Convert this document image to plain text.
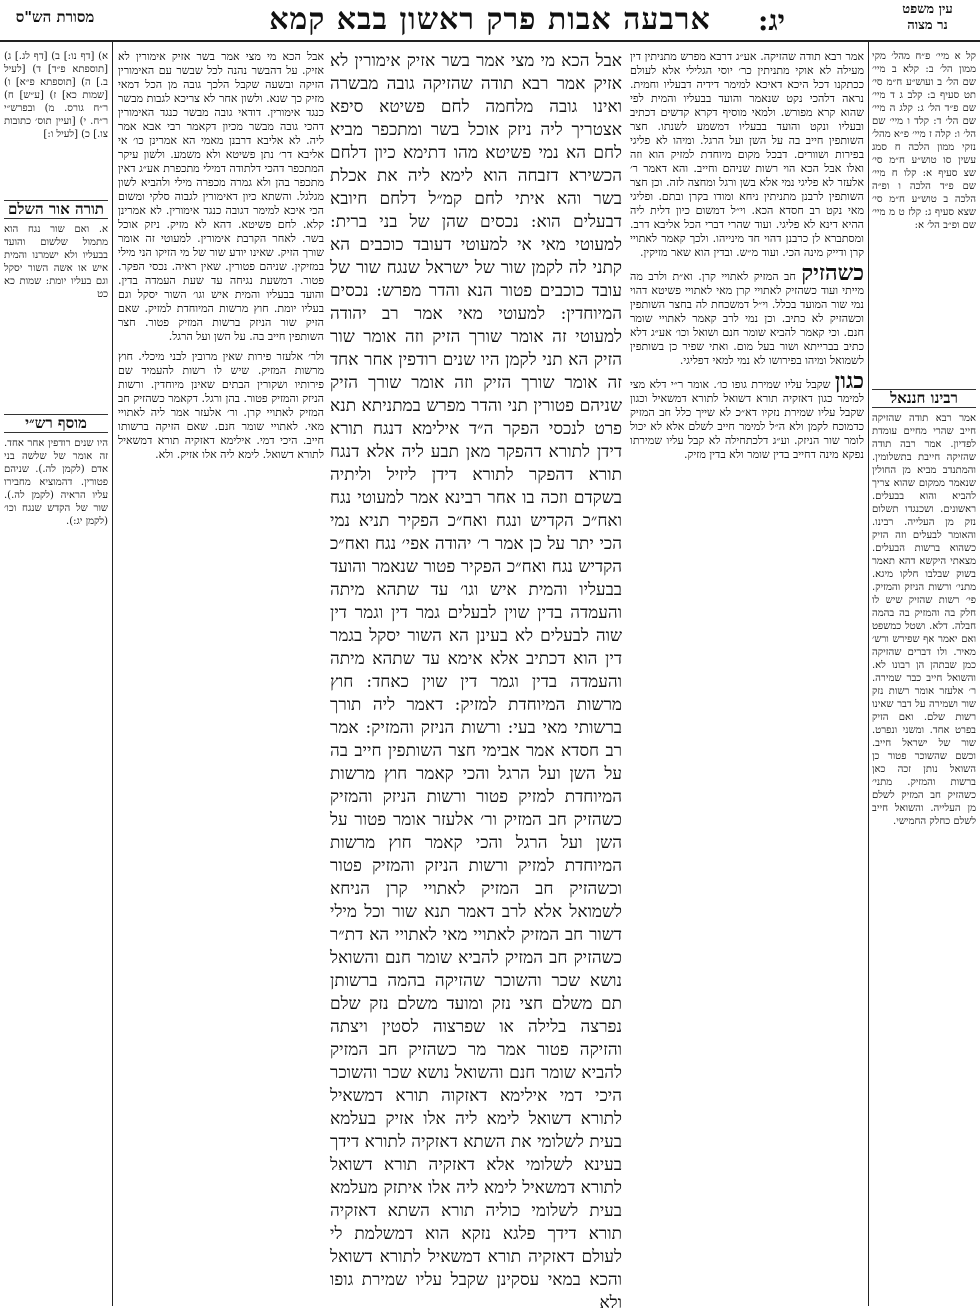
עין משפט
נר מצוה
יג:
ארבעה אבות פרק ראשון בבא קמא
מסורת הש"ס
קל א מיי׳ פ״ח מהל׳ מקי ממון הל׳ ב: קלא ב מיי׳ שם הל׳ ב ועוש״ע ח״מ סי׳ תט סעיף ב: קלב ג ד מיי׳ שם פ״ד הל׳ ג: קלג ה מיי׳ שם הל׳ ד: קלד ו מיי׳ שם הל׳ ו: קלה ז מיי׳ פ״א מהל׳ נזקי ממון הלכה ח סמג עשין סו טוש״ע ח״מ סי׳ שצ סעיף א: קלו ח מיי׳ שם פ״ד הלכה ו ופ״ה הלכה ב טוש״ע ח״מ סי׳ שצא סעיף ג: קלז ט מ מיי׳ שם ופ״ב הל׳ א:
רבינו חננאל
אמר רבא תודה שהזיקה חייב שהרי מחיים עומדת לפדיון. אמר רבה תודה שהזיקה חייבת בתשלומין. והמתנדב מביא מן החולין שנאמר ממקום שהוא צריך להביא והוא בבעלים. ראשונים. ושכנגדו תשלום נזק מן העלייה. רבינו. והאומר לבעלים וזה הזיק כשהוא ברשות הבעלים. מצאתי היקשא דהא תאמר בשוק שבלבו חלקו מיגא. מתני׳ ורשות הניזק והמזיק. פי׳ רשות שהזיק שיש לו חלק בה והמזיק בה בהמה חבלה. דלא. ושטל כמשפט ואם יאמר אף שפירש ורש׳ מאיר. ולו דברים שהזיקה כמן שבתהן הן רבונו לא. והשואל חייב כבר שמירה. ר׳ אלעזר אומר רשות נזק שור ושמירה על דבר שאינו רשות שלם. ואם הזיק בפרט אחד. ומשני ונפרט. שור של ישראל חייב. וכשם שהשוכר פטור כן השואל נותן זכה כאן ברשות והמזיק. מתני׳ כשהזיק חב המזיק לשלם מן העלייה. והשואל חייב לשלם כחלק החמישי.
אמר רבא תודה שהזיקה. אע״ג דרבא מפרש מתניתין דין מעילה לא אוקי מתניתין כר׳ יוסי הגלילי אלא לעולם ככתקנו דכל היכא דאיכא למימר דידיה דבעליו וחמית. נראה דלהכי נקט שנאמר והועד בבעליו והמית לפי שהוא קרא מפורש. ולמאי מוסיף דקרא קדשים דכתיב ובעליו ונקט והועד בבעליו דמשמע לשנתו. חצר השותפין חייב בה על השן ועל הרגל. ומיהו לא פליגי בפירות ושוורים. דבכל מקום מיוחדת למזיק הוא וזה ואלו אבל הכא הוי רשות שניהם וחייב. והא דאמר ר׳ אלעזר לא פליגי נמי אלא בשן ורגל ומחצה לזה. וכן חצר השותפין לרבנן מתניתין ניחא ומודו בקרן ובתם. ופליגי מאי נקט רב חסדא הכא. וי״ל דמשום כיון דלית ליה ההיא דינא לא פליגי. ועוד שהרי דברי הכל אליבא דרב. ומסתברא לן כרבנן דהוי חד מינייהו. ולכך קאמר לאתויי קרן ודייק מינה הכי. ועוד מ״ש. ובדין הוא שאר מזיקין.
כשהזיק חב המזיק לאתויי קרן. וא״ת ולרב מה מייתי ועוד כשהזיק לאתויי קרן מאי לאתויי פשיטא דהוי נמי שור המועד בכלל. וי״ל דמשכחת לה בחצר השותפין וכשהזיק לא כתיב. וכן נמי לרב קאמר לאתויי שומר חנם. וכי קאמר להביא שומר חנם ושואל וכו׳ אע״ג דלא כתיב בברייתא ושור בעל מום. ואתי שפיר כן בשותפין לשמואל ומיהו בפירושו לא נמי למאי דפליגי.
כגון שקבל עליו שמירת גופו כו׳. אומר ר״י דלא מצי למימר כגון דאזקיה תורא דשואל לתורא דמשאיל וכגון שקבל עליו שמירת נזקיו דא״כ לא שייך כלל חב המזיק כדמוכח לקמן ולא ה״ל למימר חייב לשלם אלא לא יכול לומר שור הניזק. וע״ג דלכתחילה לא קבל עליו שמירתו נפקא מינה דחייב בדין שומר ולא בדין מזיק.
אבל הכא מי מצי אמר בשר אזיק אימורין לא אזיק אמר רבא תודה שהזיקה גובה מבשרה ואינו גובה מלחמה לחם פשיטא סיפא אצטריך ליה ניזק אוכל בשר ומתכפר מביא לחם הא נמי פשיטא מהו דתימא כיון דלחם הכשירא דזבחה הוא לימא ליה את אכלת בשר והא איתי לחם קמ״ל דלחם חיובא דבעלים הוא: נכסים שהן של בני ברית: למעוטי מאי אי למעוטי דעובד כוכבים הא קתני לה לקמן שור של ישראל שנגח שור של עובד כוכבים פטור הנא והדר מפרש: נכסים המיוחדין: למעוטי מאי אמר רב יהודה למעוטי זה אומר שורך הזיק וזה אומר שור הזיק הא תני לקמן היו שנים רודפין אחר אחד זה אומר שורך הזיק וזה אומר שורך הזיק שניהם פטורין תני והדר מפרש במתניתא תנא פרט לנכסי הפקר ה״ד אילימא דנגח תורא דידן לתורא דהפקר מאן תבע ליה אלא דנגח תורא דהפקר לתורא דידן ליזיל וליתיה בשקדם וזכה בו אחר רבינא אמר למעוטי נגח ואח״כ הקדיש ונגח ואח״כ הפקיר תניא נמי הכי יתר על כן אמר ר׳ יהודה אפי׳ נגח ואח״כ הקדיש נגח ואח״כ הפקיר פטור שנאמר והועד בבעליו והמית איש וגו׳ עד שתהא מיתה והעמדה בדין שוין לבעלים גמר דין וגמר דין שוה לבעלים לא בעינן הא השור יסקל בגמר דין הוא דכתיב אלא אימא עד שתהא מיתה והעמדה בדין וגמר דין שוין כאחד: חוץ מרשות המיוחדת למזיק: דאמר ליה תורך ברשותי מאי בעי: ורשות הניזק והמזיק: אמר רב חסדא אמר אבימי חצר השותפין חייב בה על השן ועל הרגל והכי קאמר חוץ מרשות המיוחדת למזיק פטור ורשות הניזק והמזיק כשהזיק חב המזיק ור׳ אלעזר אומר פטור על השן ועל הרגל והכי קאמר חוץ מרשות המיוחדת למזיק ורשות הניזק והמזיק פטור וכשהזיק חב המזיק לאתויי קרן הניחא לשמואל אלא לרב דאמר תנא שור וכל מילי דשור חב המזיק לאתויי מאי לאתויי הא דת״ר כשהזיק חב המזיק להביא שומר חנם והשואל נושא שכר והשוכר שהזיקה בהמה ברשותן תם משלם חצי נזק ומועד משלם נזק שלם נפרצה בלילה או שפרצוה לסטין ויצתה והזיקה פטור אמר מר כשהזיק חב המזיק להביא שומר חנם והשואל נושא שכר והשוכר היכי דמי אילימא דאזקוה תורא דמשאיל לתורא דשואל לימא ליה אלו אזיק בעלמא בעית לשלומי את השתא דאזקיה לתורא דידך בעינא לשלומי אלא דאזקיה תורא דשואל לתורא דמשאיל לימא ליה אלו איתזק מעלמא בעית לשלומי כוליה תורא השתא דאזקיה תורא דידך פלגא נזקא הוא דמשלמת לי לעולם דאזקיה תורא דמשאיל לתורא דשואל והכא במאי עסקינן שקבל עליו שמירת גופו ולא
אבל הכא מי מצי אמר בשר אזיק אימורין לא אזיק. על דהבשר נהנה לכל שבשר עם האימורין הזיקה ובשעה שקבל הלכך גובה מן הכל דמאי מזיק כך שנא. ולשון אחר לא צריכא לגבות מבשר כנגד אימורין. דודאי גובה מבשר כנגד האימורין דהכי גובה מבשר מכיון דקאמר רבי אבא אמר ליה. לא אליבא דרבנן מאמי הא אמרינן כו׳ אי אליבא דר׳ נתן פשיטא ולא משמע. ולשון עיקר המתכפר דהכי דלתודה דמילי מתכפרת אע״ג דאין מתכפר בהן ולא גמרה מכפרה מילי ולהביא לשון מגלגל. והשתא כיון דאימורין לגבוה סלקי ומשום הכי איכא למימר דגובה כנגד אימורין. לא אמרינן קלא. לחם פשיטא. דהא לא מזיק. ניזק אוכל בשר. לאחר הקרבת אימורין. למעוטי זה אומר שורך הזיק. שאינו יודע שור של מי הזיקו הני מילי במזיקין. שניהם פטורין. שאין ראיה. נכסי הפקר. פטור. דמשעת נגיחה עד שעת העמדה בדין. והועד בבעליו והמית איש וגו׳ השור יסקל וגם בעליו יומת. חוץ מרשות המיוחדת למזיק. שאם הזיק שור הניזק ברשות המזיק פטור. חצר השותפין חייב בה. על השן ועל הרגל.
ולר׳ אלעזר פירות שאין מרובין לבני מיכלי. חוץ מרשות המזיק. שיש לו רשות להעמיד שם פירותיו ושקורין הבתים שאינן מיוחדין. ורשות הניזק והמזיק פטור. בהן ורגל. דקאמר כשהזיק חב המזיק לאתויי קרן. ור׳ אלעזר אמר ליה לאתויי מאי. לאתויי שומר חנם. שאם הזיקה ברשותו חייב. היכי דמי. אילימא דאזקיה תורא דמשאיל לתורא דשואל. לימא ליה אלו אזיק. ולא.
א) [דף נו:] ב) [דף לג.] ג) [תוספתא פ״ד] ד) [לעיל ב.] ה) [תוספתא פ״א] ו) [שמות כא] ז) [ע״ש] ח) ר״ח גורס. מ) ובפרש״י ר״ח. י) [ועיין תוס׳ כתובות צו.] כ) [לעיל ו:]
תורה אור השלם
א. ואם שור נגח הוא מתמול שלשום והועד בבעליו ולא ישמרנו והמית איש או אשה השור יסקל וגם בעליו יומת: שמות כא כט
מוסף רש״י
היו שנים רודפין אחר אחד. זה אומר של שלשה בני אדם (לקמן לה.). שניהם פטורין. דהמוציא מחבירו עליו הראיה (לקמן לה.). שור של הקדש שנגח וכו׳ (לקמן יג:).
